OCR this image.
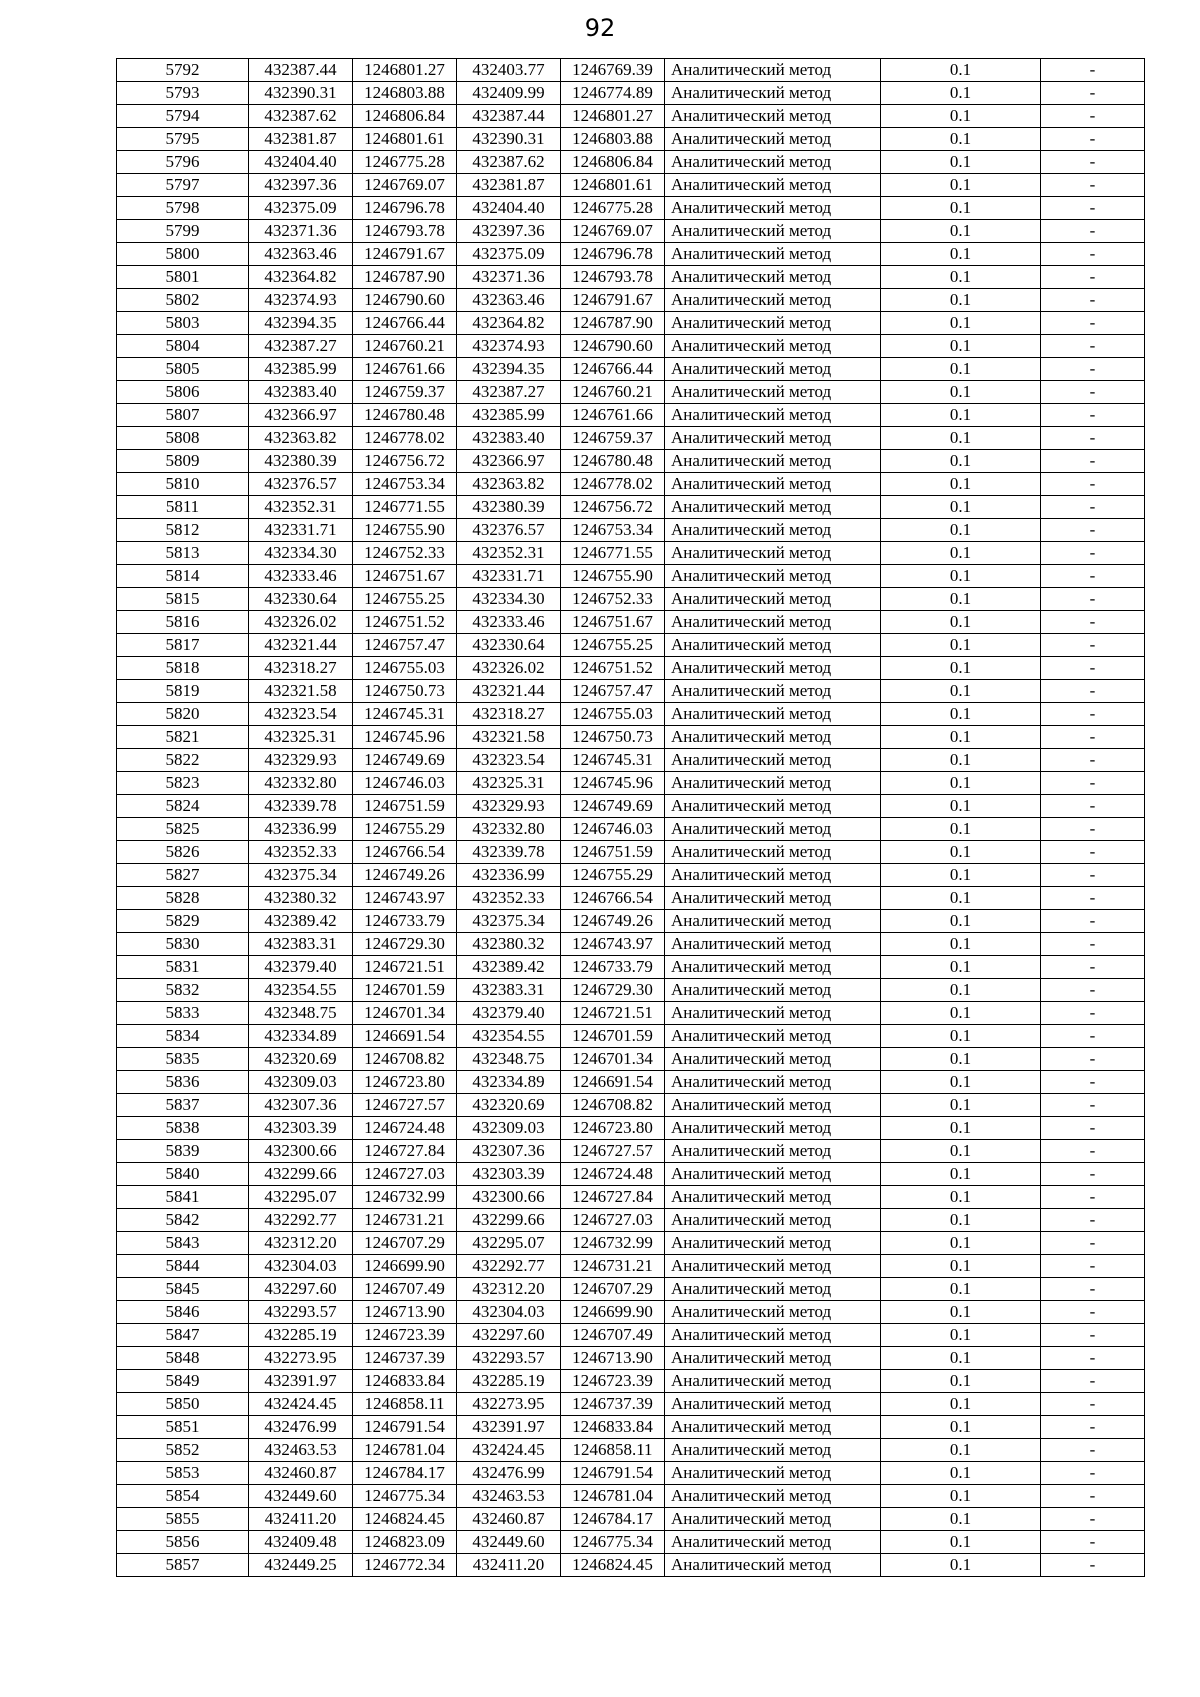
92
5792	432387.44	1246801.27	432403.77	1246769.39	Аналитический метод	0.1	-
5793	432390.31	1246803.88	432409.99	1246774.89	Аналитический метод	0.1	-
5794	432387.62	1246806.84	432387.44	1246801.27	Аналитический метод	0.1	-
5795	432381.87	1246801.61	432390.31	1246803.88	Аналитический метод	0.1	-
5796	432404.40	1246775.28	432387.62	1246806.84	Аналитический метод	0.1	-
5797	432397.36	1246769.07	432381.87	1246801.61	Аналитический метод	0.1	-
5798	432375.09	1246796.78	432404.40	1246775.28	Аналитический метод	0.1	-
5799	432371.36	1246793.78	432397.36	1246769.07	Аналитический метод	0.1	-
5800	432363.46	1246791.67	432375.09	1246796.78	Аналитический метод	0.1	-
5801	432364.82	1246787.90	432371.36	1246793.78	Аналитический метод	0.1	-
5802	432374.93	1246790.60	432363.46	1246791.67	Аналитический метод	0.1	-
5803	432394.35	1246766.44	432364.82	1246787.90	Аналитический метод	0.1	-
5804	432387.27	1246760.21	432374.93	1246790.60	Аналитический метод	0.1	-
5805	432385.99	1246761.66	432394.35	1246766.44	Аналитический метод	0.1	-
5806	432383.40	1246759.37	432387.27	1246760.21	Аналитический метод	0.1	-
5807	432366.97	1246780.48	432385.99	1246761.66	Аналитический метод	0.1	-
5808	432363.82	1246778.02	432383.40	1246759.37	Аналитический метод	0.1	-
5809	432380.39	1246756.72	432366.97	1246780.48	Аналитический метод	0.1	-
5810	432376.57	1246753.34	432363.82	1246778.02	Аналитический метод	0.1	-
5811	432352.31	1246771.55	432380.39	1246756.72	Аналитический метод	0.1	-
5812	432331.71	1246755.90	432376.57	1246753.34	Аналитический метод	0.1	-
5813	432334.30	1246752.33	432352.31	1246771.55	Аналитический метод	0.1	-
5814	432333.46	1246751.67	432331.71	1246755.90	Аналитический метод	0.1	-
5815	432330.64	1246755.25	432334.30	1246752.33	Аналитический метод	0.1	-
5816	432326.02	1246751.52	432333.46	1246751.67	Аналитический метод	0.1	-
5817	432321.44	1246757.47	432330.64	1246755.25	Аналитический метод	0.1	-
5818	432318.27	1246755.03	432326.02	1246751.52	Аналитический метод	0.1	-
5819	432321.58	1246750.73	432321.44	1246757.47	Аналитический метод	0.1	-
5820	432323.54	1246745.31	432318.27	1246755.03	Аналитический метод	0.1	-
5821	432325.31	1246745.96	432321.58	1246750.73	Аналитический метод	0.1	-
5822	432329.93	1246749.69	432323.54	1246745.31	Аналитический метод	0.1	-
5823	432332.80	1246746.03	432325.31	1246745.96	Аналитический метод	0.1	-
5824	432339.78	1246751.59	432329.93	1246749.69	Аналитический метод	0.1	-
5825	432336.99	1246755.29	432332.80	1246746.03	Аналитический метод	0.1	-
5826	432352.33	1246766.54	432339.78	1246751.59	Аналитический метод	0.1	-
5827	432375.34	1246749.26	432336.99	1246755.29	Аналитический метод	0.1	-
5828	432380.32	1246743.97	432352.33	1246766.54	Аналитический метод	0.1	-
5829	432389.42	1246733.79	432375.34	1246749.26	Аналитический метод	0.1	-
5830	432383.31	1246729.30	432380.32	1246743.97	Аналитический метод	0.1	-
5831	432379.40	1246721.51	432389.42	1246733.79	Аналитический метод	0.1	-
5832	432354.55	1246701.59	432383.31	1246729.30	Аналитический метод	0.1	-
5833	432348.75	1246701.34	432379.40	1246721.51	Аналитический метод	0.1	-
5834	432334.89	1246691.54	432354.55	1246701.59	Аналитический метод	0.1	-
5835	432320.69	1246708.82	432348.75	1246701.34	Аналитический метод	0.1	-
5836	432309.03	1246723.80	432334.89	1246691.54	Аналитический метод	0.1	-
5837	432307.36	1246727.57	432320.69	1246708.82	Аналитический метод	0.1	-
5838	432303.39	1246724.48	432309.03	1246723.80	Аналитический метод	0.1	-
5839	432300.66	1246727.84	432307.36	1246727.57	Аналитический метод	0.1	-
5840	432299.66	1246727.03	432303.39	1246724.48	Аналитический метод	0.1	-
5841	432295.07	1246732.99	432300.66	1246727.84	Аналитический метод	0.1	-
5842	432292.77	1246731.21	432299.66	1246727.03	Аналитический метод	0.1	-
5843	432312.20	1246707.29	432295.07	1246732.99	Аналитический метод	0.1	-
5844	432304.03	1246699.90	432292.77	1246731.21	Аналитический метод	0.1	-
5845	432297.60	1246707.49	432312.20	1246707.29	Аналитический метод	0.1	-
5846	432293.57	1246713.90	432304.03	1246699.90	Аналитический метод	0.1	-
5847	432285.19	1246723.39	432297.60	1246707.49	Аналитический метод	0.1	-
5848	432273.95	1246737.39	432293.57	1246713.90	Аналитический метод	0.1	-
5849	432391.97	1246833.84	432285.19	1246723.39	Аналитический метод	0.1	-
5850	432424.45	1246858.11	432273.95	1246737.39	Аналитический метод	0.1	-
5851	432476.99	1246791.54	432391.97	1246833.84	Аналитический метод	0.1	-
5852	432463.53	1246781.04	432424.45	1246858.11	Аналитический метод	0.1	-
5853	432460.87	1246784.17	432476.99	1246791.54	Аналитический метод	0.1	-
5854	432449.60	1246775.34	432463.53	1246781.04	Аналитический метод	0.1	-
5855	432411.20	1246824.45	432460.87	1246784.17	Аналитический метод	0.1	-
5856	432409.48	1246823.09	432449.60	1246775.34	Аналитический метод	0.1	-
5857	432449.25	1246772.34	432411.20	1246824.45	Аналитический метод	0.1	-
